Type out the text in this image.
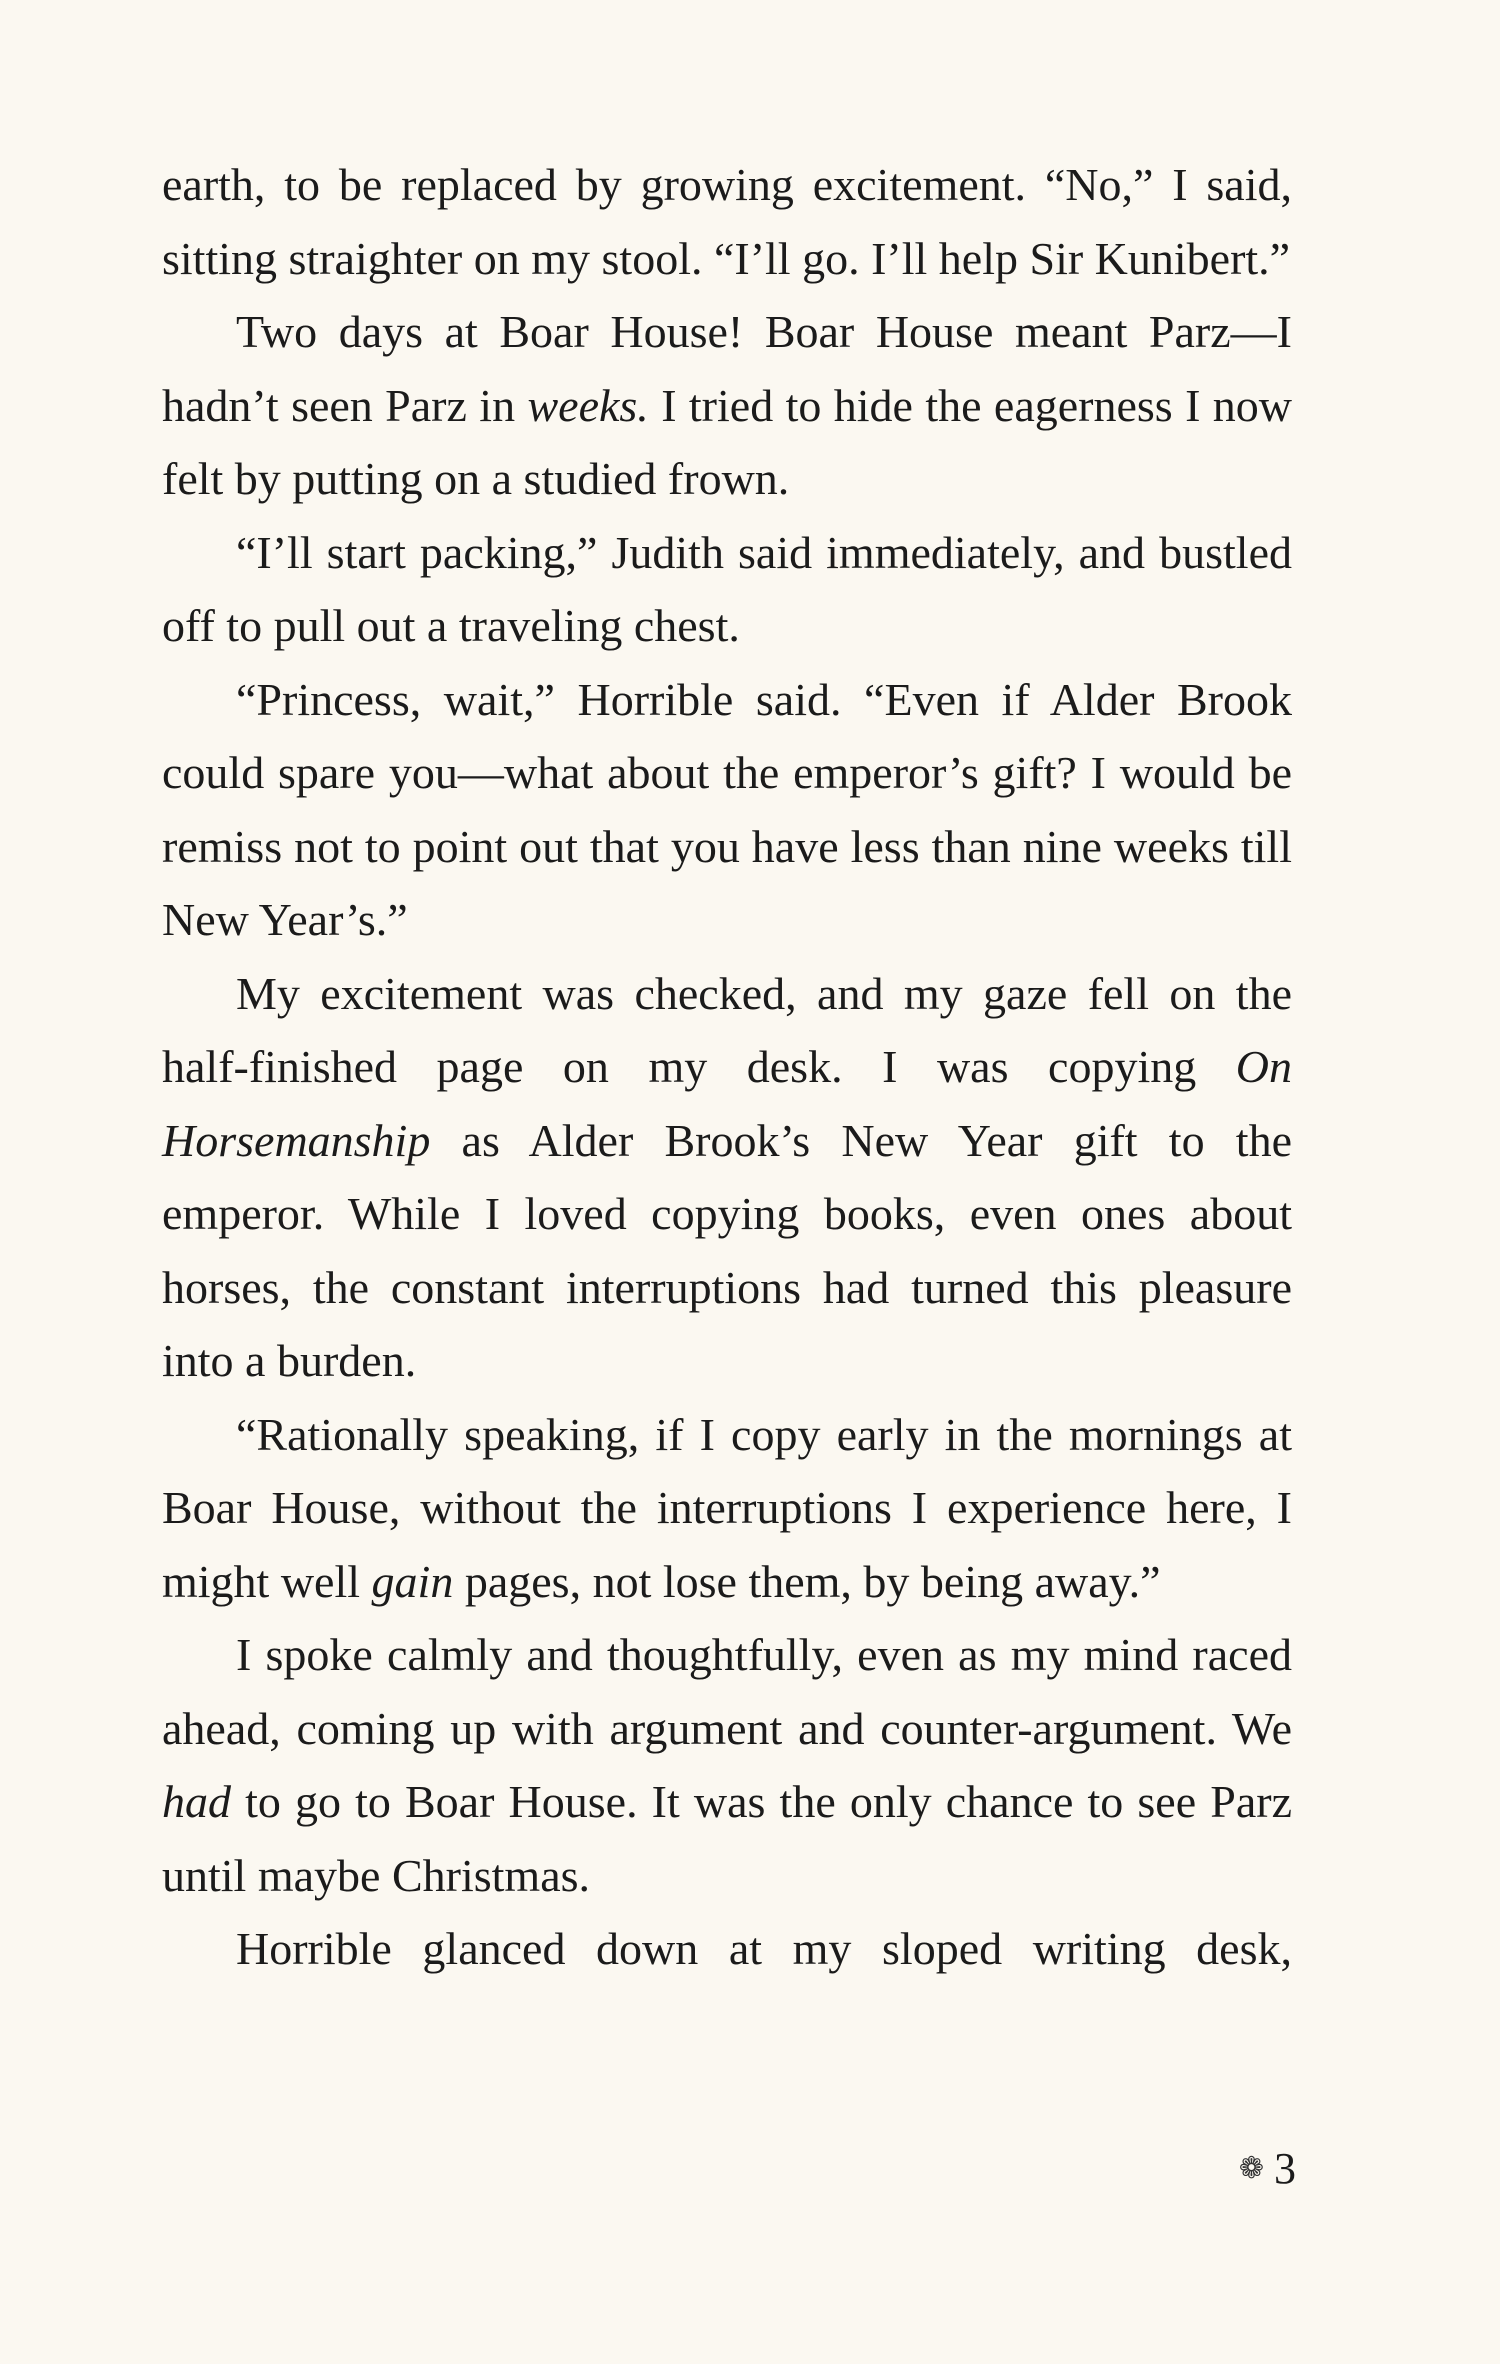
earth, to be replaced by growing excitement. “No,” I said, sitting straighter on my stool. “I’ll go. I’ll help Sir Kunibert.”

Two days at Boar House! Boar House meant Parz—I hadn’t seen Parz in weeks. I tried to hide the eagerness I now felt by putting on a studied frown.

“I’ll start packing,” Judith said immediately, and bustled off to pull out a traveling chest.

“Princess, wait,” Horrible said. “Even if Alder Brook could spare you—what about the emperor’s gift? I would be remiss not to point out that you have less than nine weeks till New Year’s.”

My excitement was checked, and my gaze fell on the half-finished page on my desk. I was copying On Horsemanship as Alder Brook’s New Year gift to the emperor. While I loved copying books, even ones about horses, the constant interruptions had turned this pleasure into a burden.

“Rationally speaking, if I copy early in the mornings at Boar House, without the interruptions I experience here, I might well gain pages, not lose them, by being away.”

I spoke calmly and thoughtfully, even as my mind raced ahead, coming up with argument and counter-argument. We had to go to Boar House. It was the only chance to see Parz until maybe Christmas.

Horrible glanced down at my sloped writing desk,

❁ 3
